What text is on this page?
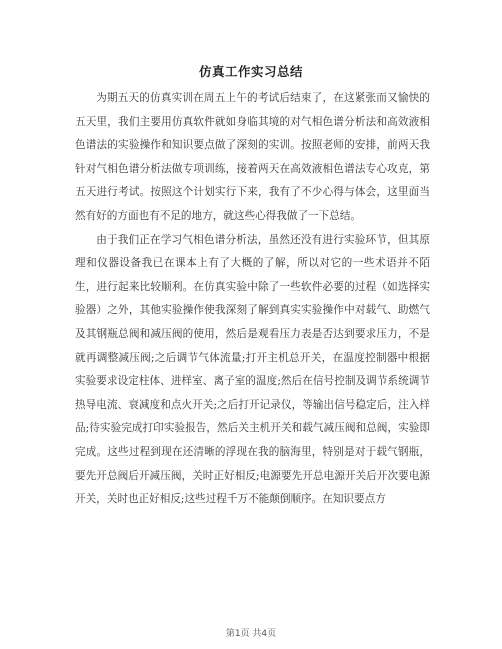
仿真工作实习总结

为期五天的仿真实训在周五上午的考试后结束了，在这紧张而又愉快的五天里，我们主要用仿真软件就如身临其境的对气相色谱分析法和高效液相色谱法的实验操作和知识要点做了深刻的实训。按照老师的安排，前两天我针对气相色谱分析法做专项训练，接着两天在高效液相色谱法专心攻克，第五天进行考试。按照这个计划实行下来，我有了不少心得与体会，这里面当然有好的方面也有不足的地方，就这些心得我做了一下总结。

由于我们正在学习气相色谱分析法，虽然还没有进行实验环节，但其原理和仪器设备我已在课本上有了大概的了解，所以对它的一些术语并不陌生，进行起来比较顺利。在仿真实验中除了一些软件必要的过程（如选择实验器）之外，其他实验操作使我深刻了解到真实实验操作中对载气、助燃气及其钢瓶总阀和减压阀的使用，然后是观看压力表是否达到要求压力，不是就再调整减压阀;之后调节气体流量;打开主机总开关，在温度控制器中根据实验要求设定柱体、进样室、离子室的温度;然后在信号控制及调节系统调节热导电流、衰减度和点火开关;之后打开记录仪，等输出信号稳定后，注入样品;待实验完成打印实验报告，然后关主机开关和载气减压阀和总阀，实验即完成。这些过程到现在还清晰的浮现在我的脑海里，特别是对于载气钢瓶，要先开总阀后开减压阀，关时正好相反;电源要先开总电源开关后开次要电源开关，关时也正好相反;这些过程千万不能颠倒顺序。在知识要点方

第1页 共4页
